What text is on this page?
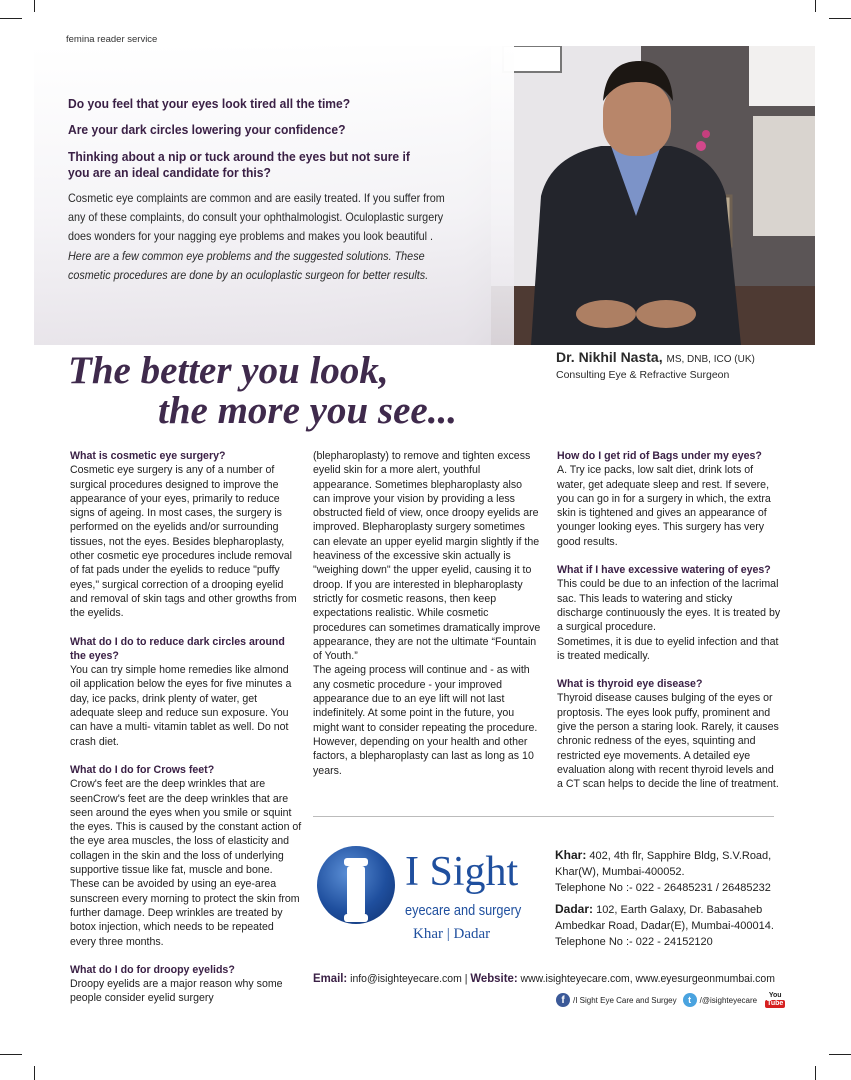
femina reader service
Do you feel that your eyes look tired all the time?
Are your dark circles lowering your confidence?
Thinking about a nip or tuck around the eyes but not sure if
you are an ideal candidate for this?
Cosmetic eye complaints are common and are easily treated. If you suffer from
any of these complaints, do consult your ophthalmologist. Oculoplastic surgery
does wonders for your nagging eye problems and makes you look beautiful .
Here are a few common eye problems and the suggested solutions. These
cosmetic procedures are done by an oculoplastic surgeon for better results.
The better you look,
the more you see...
Dr. Nikhil Nasta, MS, DNB, ICO (UK)
Consulting Eye & Refractive Surgeon
What is cosmetic eye surgery?

Cosmetic eye surgery is any of a number of surgical procedures designed to improve the appearance of your eyes, primarily to reduce signs of ageing. In most cases, the surgery is performed on the eyelids and/or surrounding tissues, not the eyes. Besides blepharoplasty, other cosmetic eye procedures include removal of fat pads under the eyelids to reduce "puffy eyes," surgical correction of a drooping eyelid and removal of skin tags and other growths from the eyelids.

What do I do to reduce dark circles around the eyes?

You can try simple home remedies like almond oil application below the eyes for five minutes a day, ice packs, drink plenty of water, get adequate sleep and reduce sun exposure. You can have a multi- vitamin tablet as well. Do not crash diet.

What do I do for Crows feet?

Crow's feet are the deep wrinkles that are seenCrow's feet are the deep wrinkles that are seen around the eyes when you smile or squint the eyes. This is caused by the constant action of the eye area muscles, the loss of elasticity and collagen in the skin and the loss of underlying supportive tissue like fat, muscle and bone. These can be avoided by using an eye-area sunscreen every morning to protect the skin from further damage. Deep wrinkles are treated by botox injection, which needs to be repeated every three months.

What do I do for droopy eyelids?

Droopy eyelids are a major reason why some people consider eyelid surgery

(blepharoplasty) to remove and tighten excess eyelid skin for a more alert, youthful appearance. Sometimes blepharoplasty also can improve your vision by providing a less obstructed field of view, once droopy eyelids are improved. Blepharoplasty surgery sometimes can elevate an upper eyelid margin slightly if the heaviness of the excessive skin actually is "weighing down" the upper eyelid, causing it to droop. If you are interested in blepharoplasty strictly for cosmetic reasons, then keep expectations realistic. While cosmetic procedures can sometimes dramatically improve appearance, they are not the ultimate “Fountain of Youth.”

The ageing process will continue and - as with any cosmetic procedure - your improved appearance due to an eye lift will not last indefinitely. At some point in the future, you might want to consider repeating the procedure.

However, depending on your health and other factors, a blepharoplasty can last as long as 10 years.

How do I get rid of Bags under my eyes?

A. Try ice packs, low salt diet, drink lots of water, get adequate sleep and rest. If severe, you can go in for a surgery in which, the extra skin is tightened and gives an appearance of younger looking eyes. This surgery has very good results.

What if I have excessive watering of eyes?

This could be due to an infection of the lacrimal sac. This leads to watering and sticky discharge continuously the eyes. It is treated by a surgical procedure.

Sometimes, it is due to eyelid infection and that is treated medically.

What is thyroid eye disease?

Thyroid disease causes bulging of the eyes or proptosis. The eyes look puffy, prominent and give the person a staring look. Rarely, it causes chronic redness of the eyes, squinting and restricted eye movements. A detailed eye evaluation along with recent thyroid levels and a CT scan helps to decide the line of treatment.

I Sight
eyecare and surgery
Khar | Dadar
Khar: 402, 4th flr, Sapphire Bldg, S.V.Road,
Khar(W), Mumbai-400052.
Telephone No :- 022 - 26485231 / 26485232
Dadar: 102, Earth Galaxy, Dr. Babasaheb
Ambedkar Road, Dadar(E), Mumbai-400014.
Telephone No :- 022 - 24152120
Email: info@isighteyecare.com | Website: www.isighteyecare.com, www.eyesurgeonmumbai.com
f	/I Sight Eye Care and Surgey	t	/@isighteyecare	You
Tube
